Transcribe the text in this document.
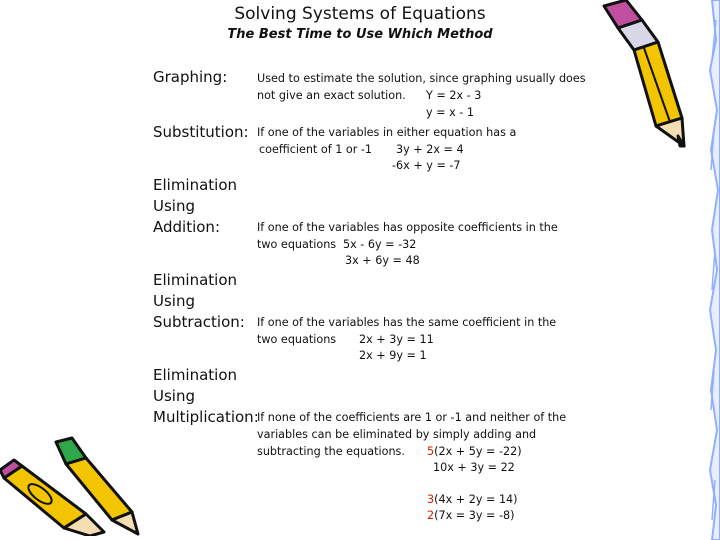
Solving Systems of Equations
The Best Time to Use Which Method
Graphing:	Used to estimate the solution, since graphing usually does
not give an exact solution. Y = 2x - 3
y = x - 1
Substitution: If one of the variables in either equation has a
coefficient of 1 or -1 3y + 2x = 4
-6x + y = -7
Elimination
Using
Addition:	If one of the variables has opposite coefficients in the
two equations 5x - 6y = -32
3x + 6y = 48
Elimination
Using
Subtraction: If one of the variables has the same coefficient in the
two equations 2x + 3y = 11
2x + 9y = 1
Elimination
Using
Multiplication:
If none of the coefficients are 1 or -1 and neither of the
variables can be eliminated by simply adding and
subtracting the equations. 5(2x + 5y = -22)
10x + 3y = 22
3(4x + 2y = 14)
2(7x = 3y = -8)
